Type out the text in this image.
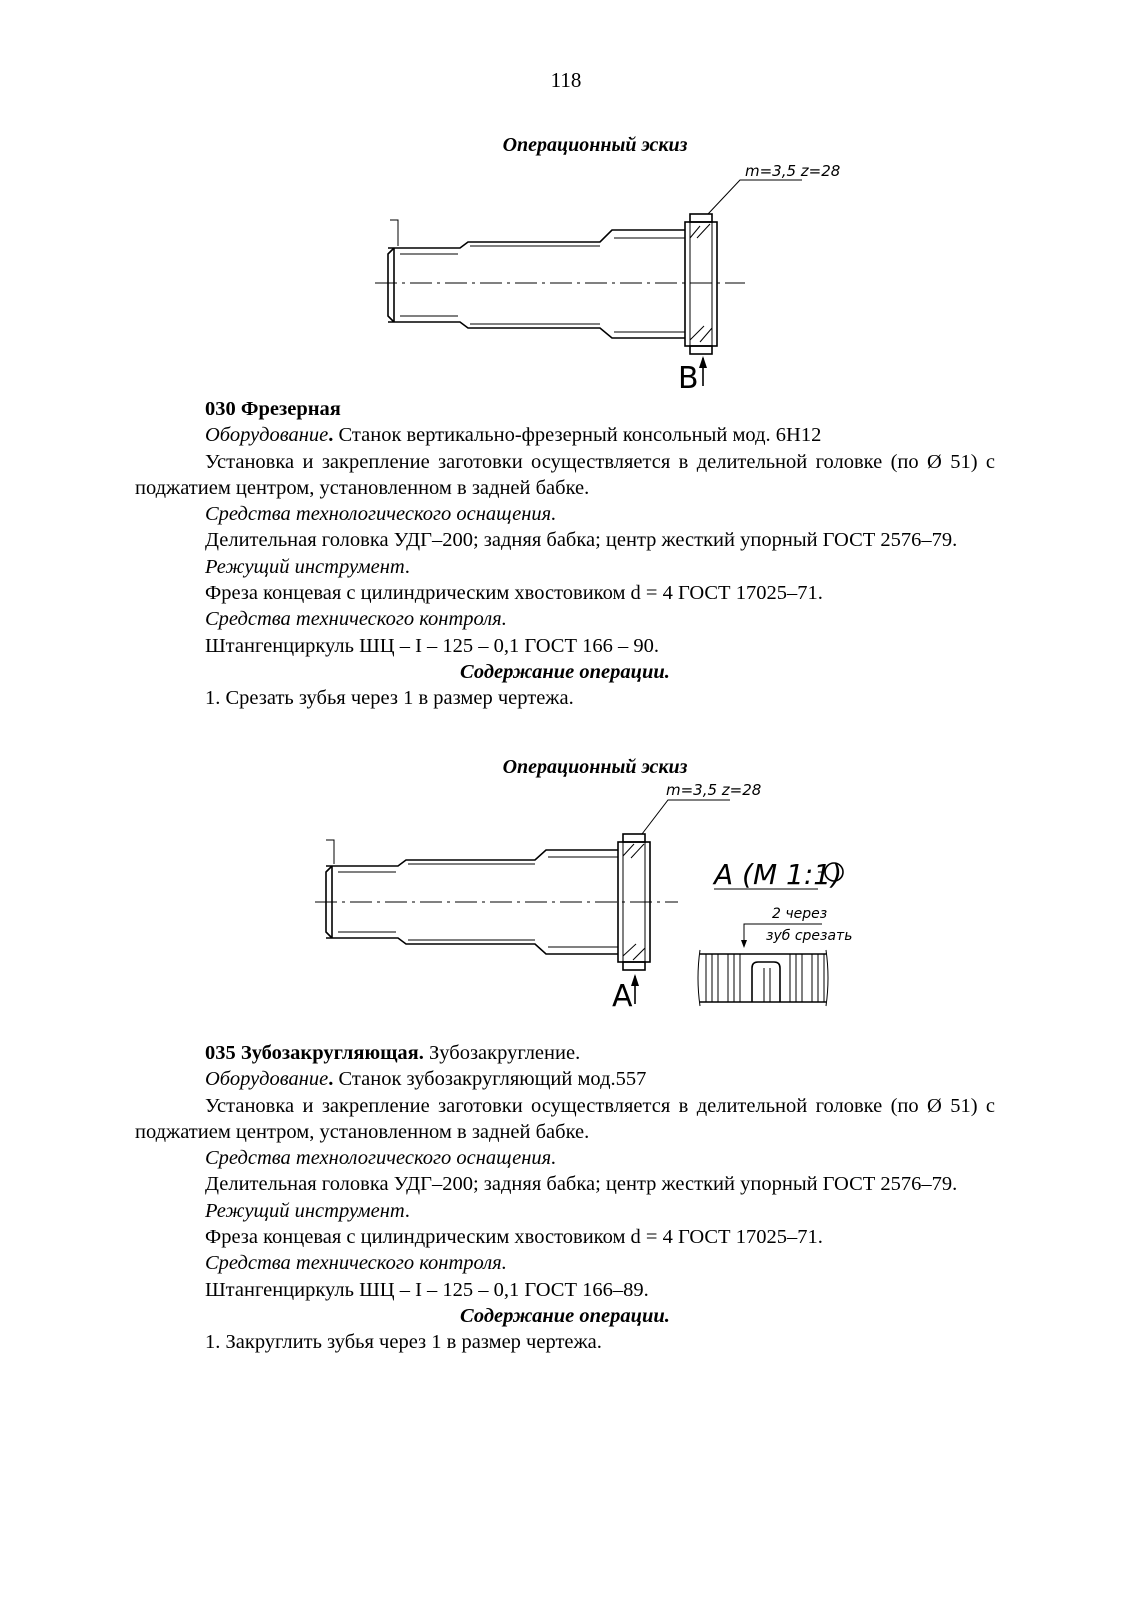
118
Операционный эскиз
m=3,5 z=28
B

030 Фрезерная

Оборудование. Станок вертикально-фрезерный консольный мод. 6Н12

Установка и закрепление заготовки осуществляется в делительной головке (по Ø 51) с поджатием центром, установленном в задней бабке.

Средства технологического оснащения.

Делительная головка УДГ–200; задняя бабка; центр жесткий упорный ГОСТ 2576–79.

Режущий инструмент.

Фреза концевая с цилиндрическим хвостовиком d = 4 ГОСТ 17025–71.

Средства технического контроля.

Штангенциркуль ШЦ – I – 125 – 0,1 ГОСТ 166 – 90.

Содержание операции.

1. Срезать зубья через 1 в размер чертежа.

Операционный эскиз
m=3,5 z=28
A
A (M 1:1)
2 через
зуб срезать

035 Зубозакругляющая. Зубозакругление.

Оборудование. Станок зубозакругляющий мод.557

Установка и закрепление заготовки осуществляется в делительной головке (по Ø 51) с поджатием центром, установленном в задней бабке.

Средства технологического оснащения.

Делительная головка УДГ–200; задняя бабка; центр жесткий упорный ГОСТ 2576–79.

Режущий инструмент.

Фреза концевая с цилиндрическим хвостовиком d = 4 ГОСТ 17025–71.

Средства технического контроля.

Штангенциркуль ШЦ – I – 125 – 0,1 ГОСТ 166–89.

Содержание операции.

1. Закруглить зубья через 1 в размер чертежа.
